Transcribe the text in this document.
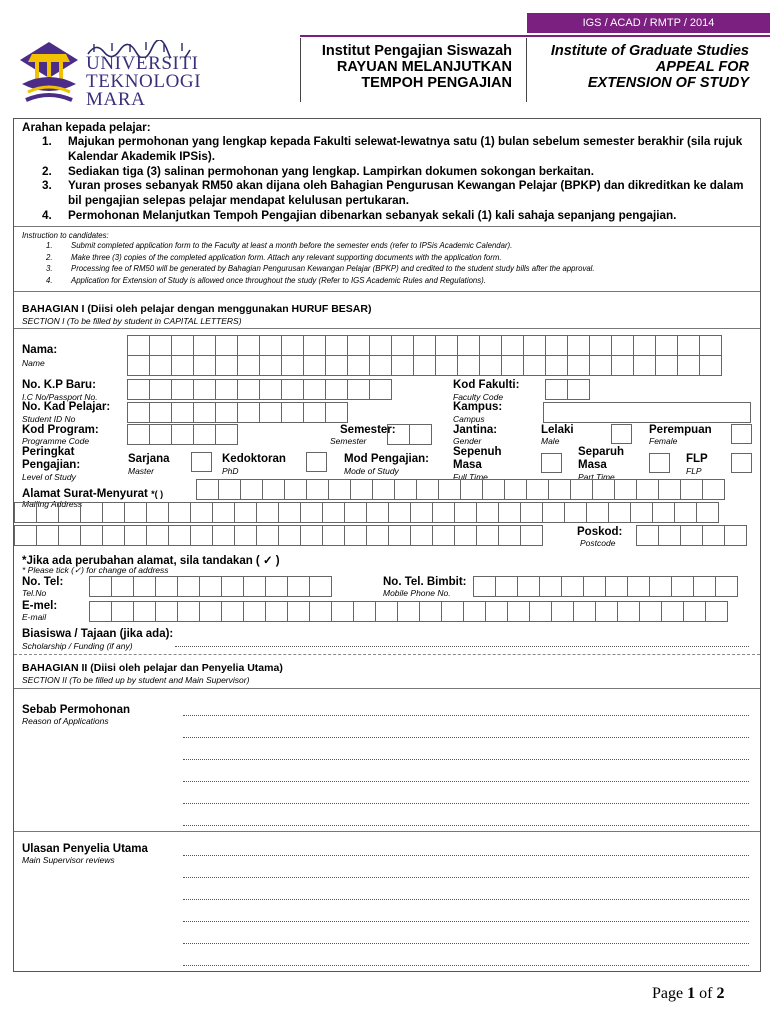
IGS / ACAD / RMTP / 2014
UNIVERSITI
TEKNOLOGI
MARA
Institut Pengajian Siswazah
RAYUAN MELANJUTKAN
TEMPOH PENGAJIAN
Institute of Graduate Studies
APPEAL FOR
EXTENSION OF STUDY
Arahan kepada pelajar:
1.	Majukan permohonan yang lengkap kepada Fakulti selewat-lewatnya satu (1) bulan sebelum semester berakhir (sila rujuk
Kalendar Akademik IPSis).
2.	Sediakan tiga (3) salinan permohonan yang lengkap. Lampirkan dokumen sokongan berkaitan.
3.	Yuran proses sebanyak RM50 akan dijana oleh Bahagian Pengurusan Kewangan Pelajar (BPKP) dan dikreditkan ke dalam
bil pengajian selepas pelajar mendapat kelulusan pertukaran.
4.	Permohonan Melanjutkan Tempoh Pengajian dibenarkan sebanyak sekali (1) kali sahaja sepanjang pengajian.
Instruction to candidates:
1.	Submit completed application form to the Faculty at least a month before the semester ends (refer to IPSis Academic Calendar).
2.	Make three (3) copies of the completed application form. Attach any relevant supporting documents with the application form.
3.	Processing fee of RM50 will be generated by Bahagian Pengurusan Kewangan Pelajar (BPKP) and credited to the student study bills after the approval.
4.	Application for Extension of Study is allowed once throughout the study (Refer to IGS Academic Rules and Regulations).
BAHAGIAN I (Diisi oleh pelajar dengan menggunakan HURUF BESAR)
SECTION I (To be filled by student in CAPITAL LETTERS)
Nama:
Name
No. K.P Baru:
I.C No/Passport No.
Kod Fakulti:
Faculty Code
No. Kad Pelajar:
Student ID No
Kampus:
Campus
Kod Program:
Programme Code
Semester:
Semester
Jantina:
Gender
Lelaki
Male
Perempuan
Female
Peringkat
Pengajian:
Level of Study
Sarjana
Master
Kedoktoran
PhD
Mod Pengajian:
Mode of Study
Sepenuh
Masa
Full Time
Separuh
Masa
Part Time
FLP
FLP
Alamat Surat-Menyurat *( )
Mailing Address
Poskod:
Postcode
*Jika ada perubahan alamat, sila tandakan ( ✓ )
* Please tick (✓) for change of address
No. Tel:
Tel.No
No. Tel. Bimbit:
Mobile Phone No.
E-mel:
E-mail
Biasiswa / Tajaan (jika ada):
Scholarship / Funding (if any)
BAHAGIAN II (Diisi oleh pelajar dan Penyelia Utama)
SECTION II (To be filled up by student and Main Supervisor)
Sebab Permohonan
Reason of Applications
Ulasan Penyelia Utama
Main Supervisor reviews
Page 1 of 2
